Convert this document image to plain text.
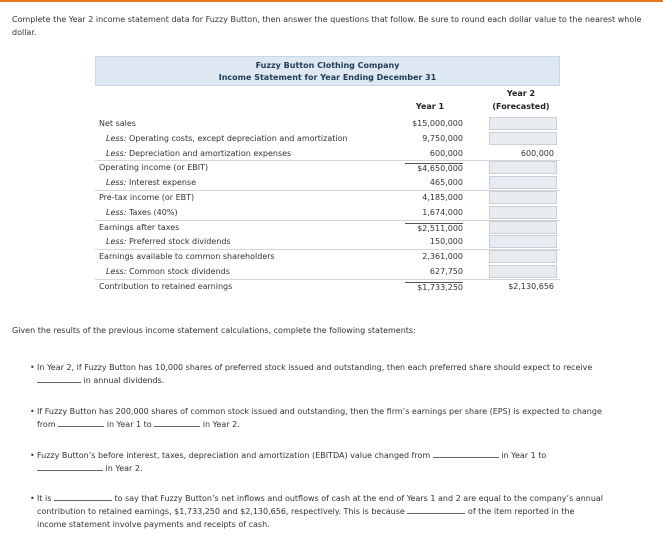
Complete the Year 2 income statement data for Fuzzy Button, then answer the questions that follow. Be sure to round each dollar value to the nearest whole dollar.
Fuzzy Button Clothing Company
Income Statement for Year Ending December 31
Year 1
Year 2
(Forecasted)
Net sales	$15,000,000
Less: Operating costs, except depreciation and amortization	9,750,000
Less: Depreciation and amortization expenses	600,000	600,000
Operating income (or EBIT)	$4,650,000
Less: Interest expense	465,000
Pre-tax income (or EBT)	4,185,000
Less: Taxes (40%)	1,674,000
Earnings after taxes	$2,511,000
Less: Preferred stock dividends	150,000
Earnings available to common shareholders	2,361,000
Less: Common stock dividends	627,750
Contribution to retained earnings	$1,733,250	$2,130,656
Given the results of the previous income statement calculations, complete the following statements:
• In Year 2, if Fuzzy Button has 10,000 shares of preferred stock issued and outstanding, then each preferred share should expect to receive
in annual dividends.
• If Fuzzy Button has 200,000 shares of common stock issued and outstanding, then the firm’s earnings per share (EPS) is expected to change
from	in Year 1 to	in Year 2.
• Fuzzy Button’s before interest, taxes, depreciation and amortization (EBITDA) value changed from	in Year 1 to
in Year 2.
• It is	to say that Fuzzy Button’s net inflows and outflows of cash at the end of Years 1 and 2 are equal to the company’s annual
contribution to retained earnings, $1,733,250 and $2,130,656, respectively. This is because	of the item reported in the
income statement involve payments and receipts of cash.
